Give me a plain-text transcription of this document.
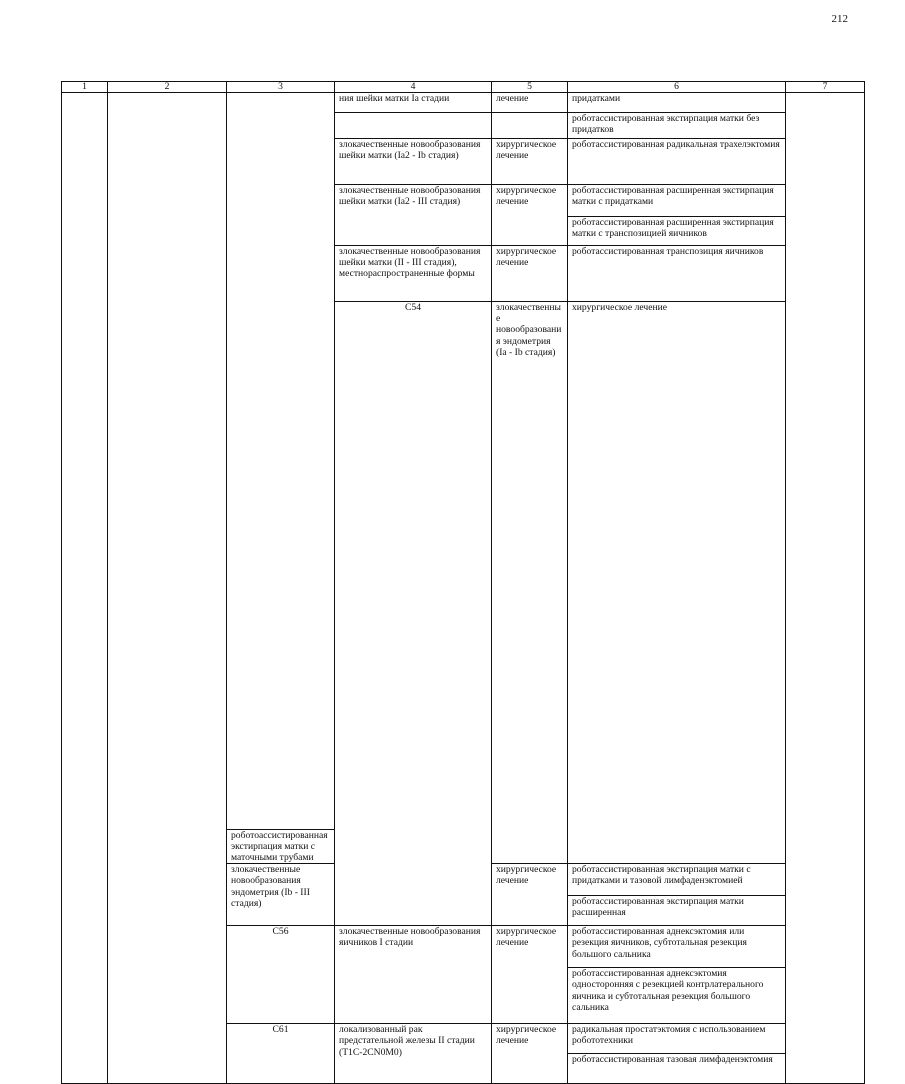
212
1	2	3	4	5	6	7	
			ния шейки матки Ia стадии	лечение	придатками		
					роботассистированная экстирпация матки без придатков		
			злокачественные новообразования шейки матки (Ia2 - Ib стадия)	хирургическое лечение	роботассистированная радикальная трахелэктомия		
			злокачественные новообразования шейки матки (Ia2 - III стадия)	хирургическое лечение	роботассистированная расширенная экстирпация матки с придатками		
					роботассистированная расширенная экстирпация матки с транспозицией яичников		
			злокачественные новообразования шейки матки (II - III стадия), местнораспространенные формы	хирургическое лечение	роботассистированная транспозиция яичников		
			C54	злокачественные новообразования эндометрия (Ia - Ib стадия)	хирургическое лечение	
		роботоассистированная экстирпация матки с маточными трубами					
		злокачественные новообразования эндометрия (Ib - III стадия)		хирургическое лечение	роботассистированная экстирпация матки с придатками и тазовой лимфаденэктомией		
					роботассистированная экстирпация матки расширенная		
		C56	злокачественные новообразования яичников I стадии	хирургическое лечение	роботассистированная аднексэктомия или резекция яичников, субтотальная резекция большого сальника		
					роботассистированная аднексэктомия односторонняя с резекцией контрлатерального яичника и субтотальная резекция большого сальника		
		C61	локализованный рак предстательной железы II стадии (T1C-2CN0M0)	хирургическое лечение	радикальная простатэктомия с использованием робототехники		
					роботассистированная тазовая лимфаденэктомия		
